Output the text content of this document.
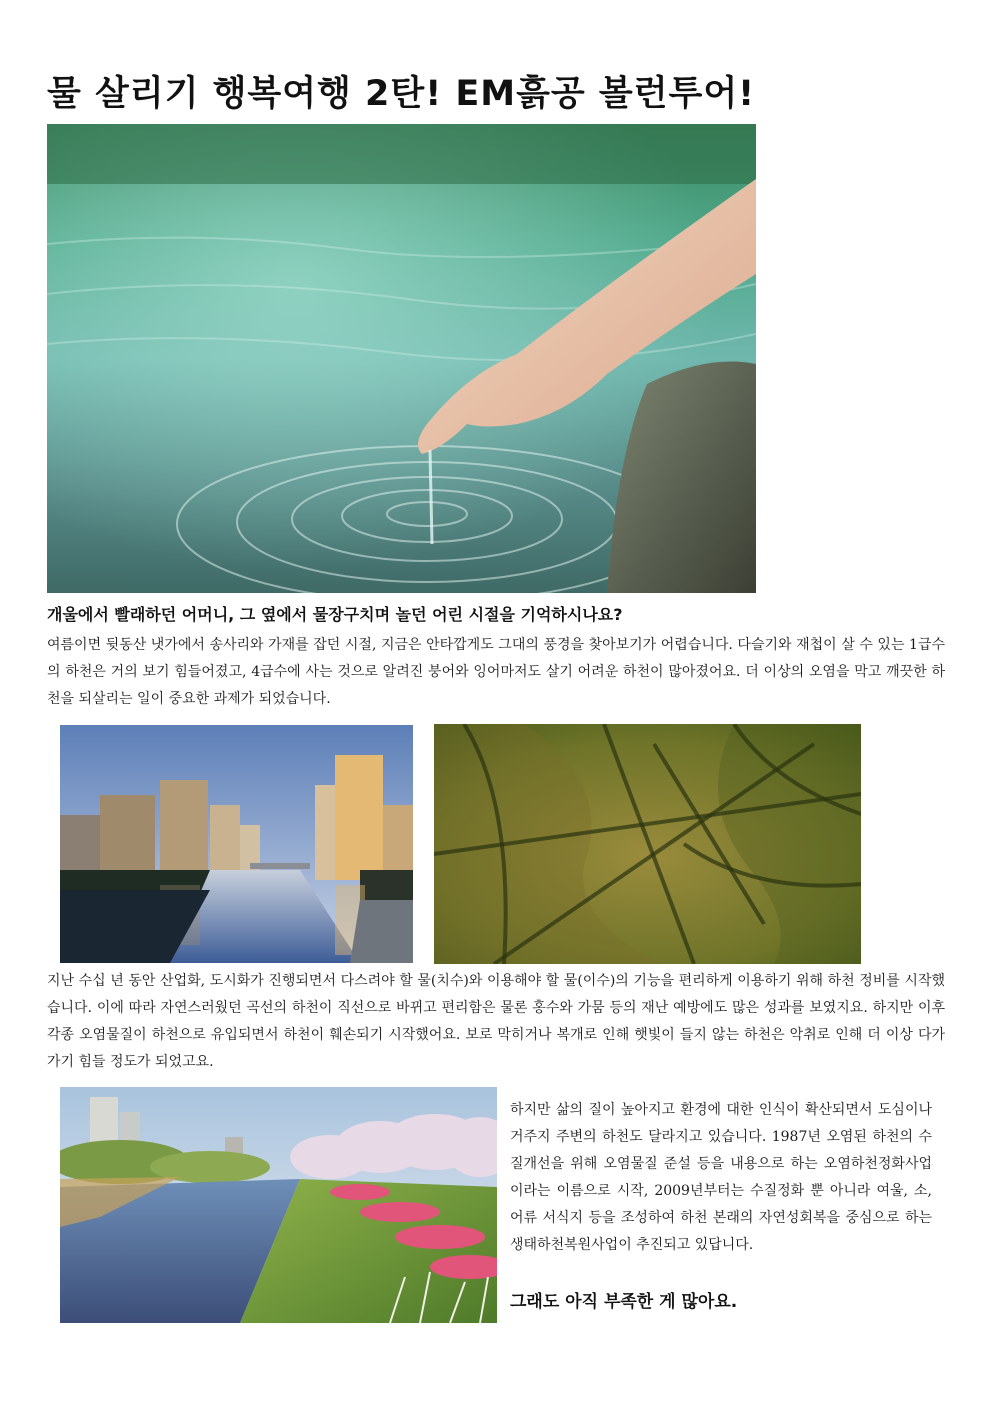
물 살리기 행복여행 2탄! EM흙공 볼런투어!

개울에서 빨래하던 어머니, 그 옆에서 물장구치며 놀던 어린 시절을 기억하시나요?

여름이면 뒷동산 냇가에서 송사리와 가재를 잡던 시절, 지금은 안타깝게도 그대의 풍경을 찾아보기가 어렵습니다. 다슬기와 재첩이 살 수 있는 1급수의 하천은 거의 보기 힘들어졌고, 4급수에 사는 것으로 알려진 붕어와 잉어마저도 살기 어려운 하천이 많아졌어요. 더 이상의 오염을 막고 깨끗한 하천을 되살리는 일이 중요한 과제가 되었습니다.

지난 수십 년 동안 산업화, 도시화가 진행되면서 다스려야 할 물(치수)와 이용해야 할 물(이수)의 기능을 편리하게 이용하기 위해 하천 정비를 시작했습니다. 이에 따라 자연스러웠던 곡선의 하천이 직선으로 바뀌고 편리함은 물론 홍수와 가뭄 등의 재난 예방에도 많은 성과를 보였지요. 하지만 이후 각종 오염물질이 하천으로 유입되면서 하천이 훼손되기 시작했어요. 보로 막히거나 복개로 인해 햇빛이 들지 않는 하천은 악취로 인해 더 이상 다가가기 힘들 정도가 되었고요.

하지만 삶의 질이 높아지고 환경에 대한 인식이 확산되면서 도심이나 거주지 주변의 하천도 달라지고 있습니다. 1987년 오염된 하천의 수질개선을 위해 오염물질 준설 등을 내용으로 하는 오염하천정화사업이라는 이름으로 시작, 2009년부터는 수질정화 뿐 아니라 여울, 소, 어류 서식지 등을 조성하여 하천 본래의 자연성회복을 중심으로 하는 생태하천복원사업이 추진되고 있답니다.

그래도 아직 부족한 게 많아요.
